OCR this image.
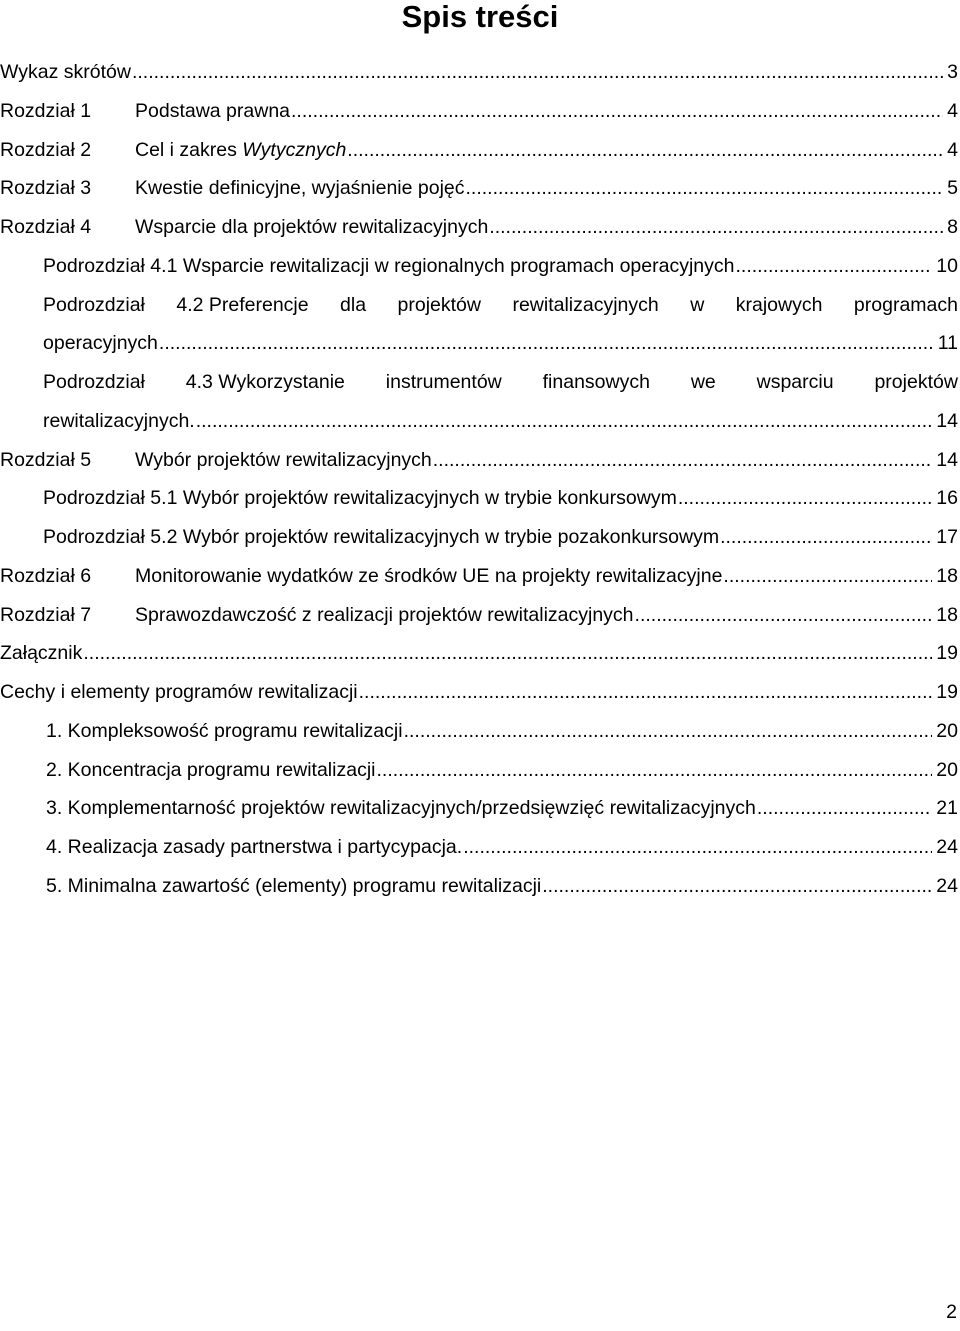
Spis treści
Wykaz skrótów .....	3
Rozdział 1	Podstawa prawna .....	4
Rozdział 2	Cel i zakres Wytycznych .....	4
Rozdział 3	Kwestie definicyjne, wyjaśnienie pojęć .....	5
Rozdział 4	Wsparcie dla projektów rewitalizacyjnych .....	8
Podrozdział 4.1 Wsparcie rewitalizacji w regionalnych programach operacyjnych .....	10
Podrozdział 4.2 Preferencje dla projektów rewitalizacyjnych w krajowych programach
operacyjnych .....	11
Podrozdział 4.3 Wykorzystanie instrumentów finansowych we wsparciu projektów
rewitalizacyjnych. .....	14
Rozdział 5	Wybór projektów rewitalizacyjnych .....	14
Podrozdział 5.1 Wybór projektów rewitalizacyjnych w trybie konkursowym .....	16
Podrozdział 5.2 Wybór projektów rewitalizacyjnych w trybie pozakonkursowym .....	17
Rozdział 6	Monitorowanie wydatków ze środków UE na projekty rewitalizacyjne .....	18
Rozdział 7	Sprawozdawczość z realizacji projektów rewitalizacyjnych .....	18
Załącznik .....	19
Cechy i elementy programów rewitalizacji .....	19
1. Kompleksowość programu rewitalizacji .....	20
2. Koncentracja programu rewitalizacji .....	20
3. Komplementarność projektów rewitalizacyjnych/przedsięwzięć rewitalizacyjnych .....	21
4. Realizacja zasady partnerstwa i partycypacja. .....	24
5. Minimalna zawartość (elementy) programu rewitalizacji .....	24
2
